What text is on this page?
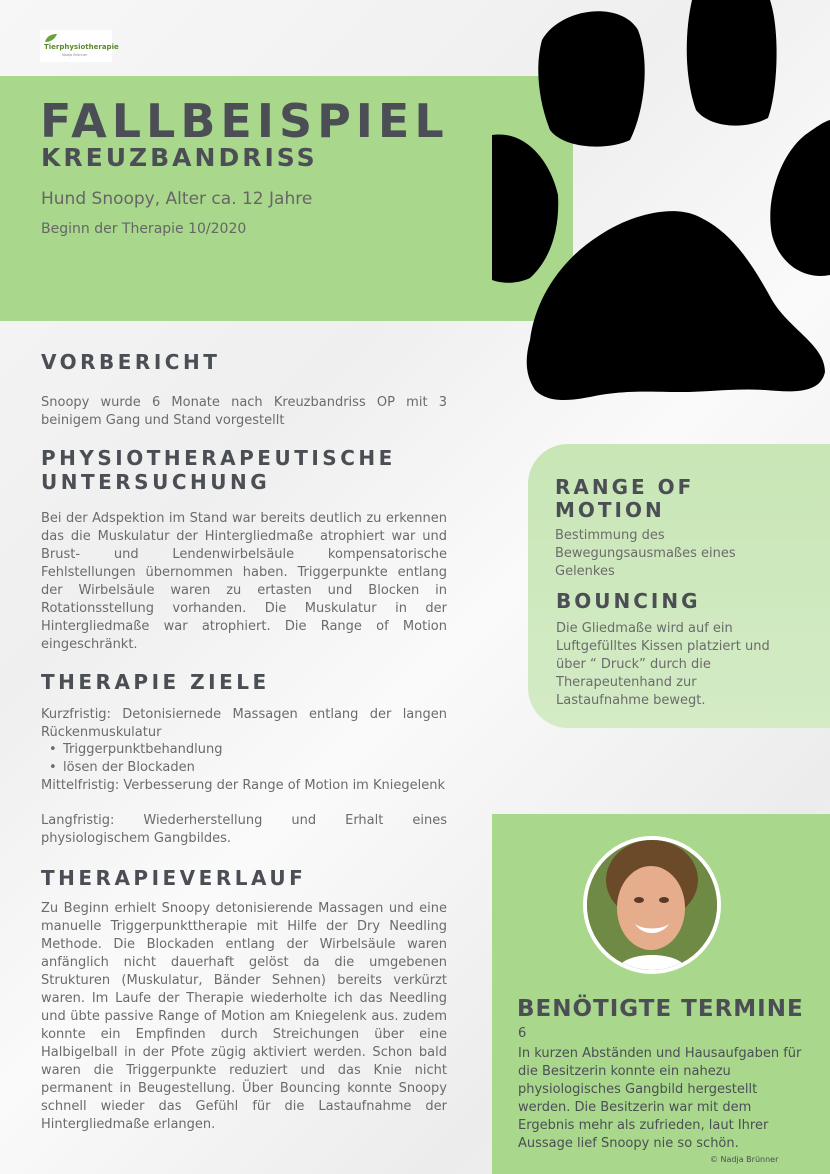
Tierphysiotherapie
Nadja Brünner
FALLBEISPIEL
KREUZBANDRISS
Hund Snoopy, Alter ca. 12 Jahre
Beginn der Therapie 10/2020
VORBERICHT

Snoopy wurde 6 Monate nach Kreuzbandriss OP mit 3 beinigem Gang und Stand vorgestellt

PHYSIOTHERAPEUTISCHE
UNTERSUCHUNG

Bei der Adspektion im Stand war bereits deutlich zu erkennen das die Muskulatur der Hintergliedmaße atrophiert war und Brust- und Lendenwirbelsäule kompensatorische Fehlstellungen übernommen haben. Triggerpunkte entlang der Wirbelsäule waren zu ertasten und Blocken in Rotationsstellung vorhanden. Die Muskulatur in der Hintergliedmaße war atrophiert. Die Range of Motion eingeschränkt.

THERAPIE ZIELE

Kurzfristig: Detonisiernede Massagen entlang der langen Rückenmuskulatur

• Triggerpunktbehandlung
• lösen der Blockaden

Mittelfristig: Verbesserung der Range of Motion im Kniegelenk

Langfristig: Wiederherstellung und Erhalt eines physiologischem Gangbildes.

THERAPIEVERLAUF

Zu Beginn erhielt Snoopy detonisierende Massagen und eine manuelle Triggerpunkttherapie mit Hilfe der Dry Needling Methode. Die Blockaden entlang der Wirbelsäule waren anfänglich nicht dauerhaft gelöst da die umgebenen Strukturen (Muskulatur, Bänder Sehnen) bereits verkürzt waren. Im Laufe der Therapie wiederholte ich das Needling und übte passive Range of Motion am Kniegelenk aus. zudem konnte ein Empfinden durch Streichungen über eine Halbigelball in der Pfote zügig aktiviert werden. Schon bald waren die Triggerpunkte reduziert und das Knie nicht permanent in Beugestellung. Über Bouncing konnte Snoopy schnell wieder das Gefühl für die Lastaufnahme der Hintergliedmaße erlangen.

RANGE OF
MOTION

Bestimmung des Bewegungsausmaßes eines Gelenkes

BOUNCING

Die Gliedmaße wird auf ein Luftgefülltes Kissen platziert und über “ Druck” durch die Therapeutenhand zur Lastaufnahme bewegt.

BENÖTIGTE TERMINE
6

In kurzen Abständen und Hausaufgaben für die Besitzerin konnte ein nahezu physiologisches Gangbild hergestellt werden. Die Besitzerin war mit dem Ergebnis mehr als zufrieden, laut Ihrer Aussage lief Snoopy nie so schön.

© Nadja Brünner
